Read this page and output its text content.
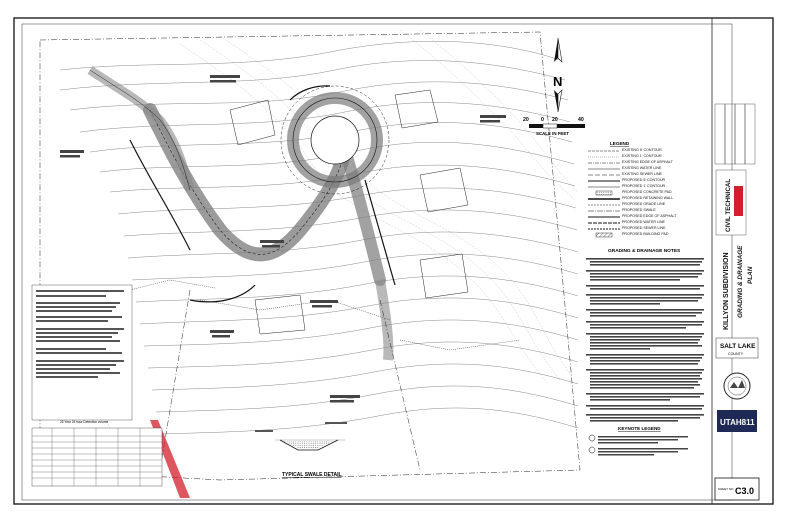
25 Year 24 hour Detention volume
TYPICAL SWALE DETAIL
N
20 0 20	40
SCALE IN FEET
LEGEND
GRADING & DRAINAGE NOTES
KEYNOTE LEGEND
CIVIL TECHNICAL
KILLYON SUBDIVISION GRADING & DRAINAGE PLAN
SALT LAKE
COUNTY
UTAH811
SHEET NO. C3.0
EXISTING 5' CONTOUR
EXISTING 1' CONTOUR
EXISTING EDGE OF ASPHALT
EXISTING WATER LINE
EXISTING SEWER LINE
PROPOSED 5' CONTOUR
PROPOSED 1' CONTOUR
PROPOSED CONCRETE PAD
PROPOSED RETAINING WALL
PROPOSED GRADE LINE
PROPOSED SWALE
PROPOSED EDGE OF ASPHALT
PROPOSED WATER LINE
PROPOSED SEWER LINE
PROPOSED BUILDING PAD
